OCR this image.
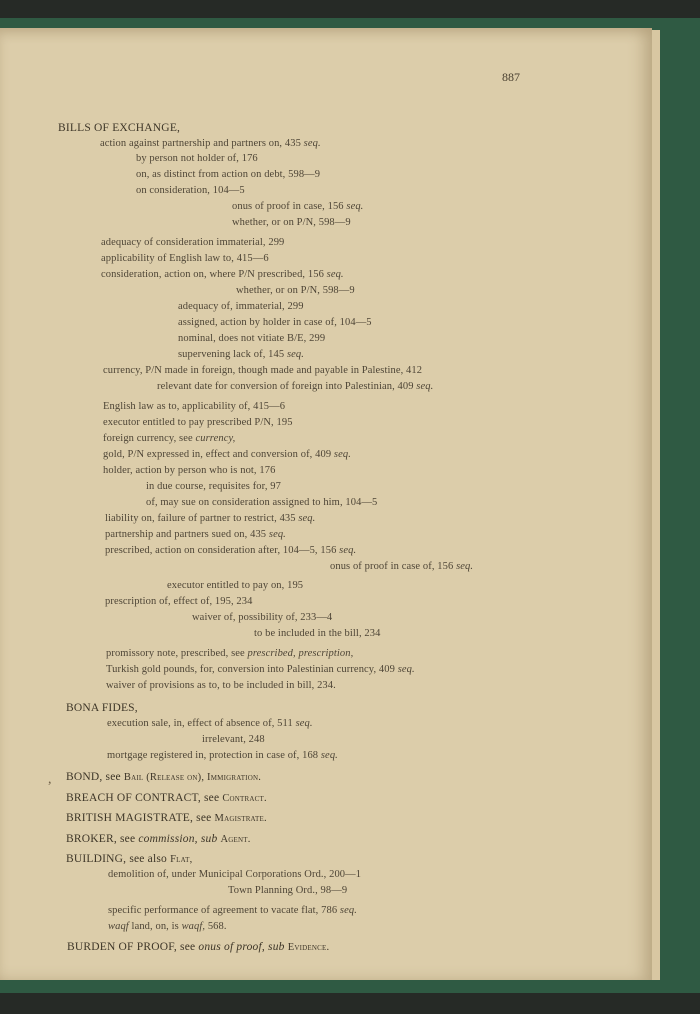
887
BILLS OF EXCHANGE,
action against partnership and partners on, 435 seq.
by person not holder of, 176
on, as distinct from action on debt, 598—9
on consideration, 104—5
onus of proof in case, 156 seq.
whether, or on P/N, 598—9
adequacy of consideration immaterial, 299
applicability of English law to, 415—6
consideration, action on, where P/N prescribed, 156 seq.
whether, or on P/N, 598—9
adequacy of, immaterial, 299
assigned, action by holder in case of, 104—5
nominal, does not vitiate B/E, 299
supervening lack of, 145 seq.
currency, P/N made in foreign, though made and payable in Palestine, 412
relevant date for conversion of foreign into Palestinian, 409 seq.
English law as to, applicability of, 415—6
executor entitled to pay prescribed P/N, 195
foreign currency, see currency,
gold, P/N expressed in, effect and conversion of, 409 seq.
holder, action by person who is not, 176
in due course, requisites for, 97
of, may sue on consideration assigned to him, 104—5
liability on, failure of partner to restrict, 435 seq.
partnership and partners sued on, 435 seq.
prescribed, action on consideration after, 104—5, 156 seq.
onus of proof in case of, 156 seq.
executor entitled to pay on, 195
prescription of, effect of, 195, 234
waiver of, possibility of, 233—4
to be included in the bill, 234
promissory note, prescribed, see prescribed, prescription,
Turkish gold pounds, for, conversion into Palestinian currency, 409 seq.
waiver of provisions as to, to be included in bill, 234.
BONA FIDES,
execution sale, in, effect of absence of, 511 seq.
irrelevant, 248
mortgage registered in, protection in case of, 168 seq.
BOND, see Bail (Release on), Immigration.
BREACH OF CONTRACT, see Contract.
BRITISH MAGISTRATE, see Magistrate.
BROKER, see commission, sub Agent.
BUILDING, see also Flat,
demolition of, under Municipal Corporations Ord., 200—1
Town Planning Ord., 98—9
specific performance of agreement to vacate flat, 786 seq.
waqf land, on, is waqf, 568.
BURDEN OF PROOF, see onus of proof, sub Evidence.
,
